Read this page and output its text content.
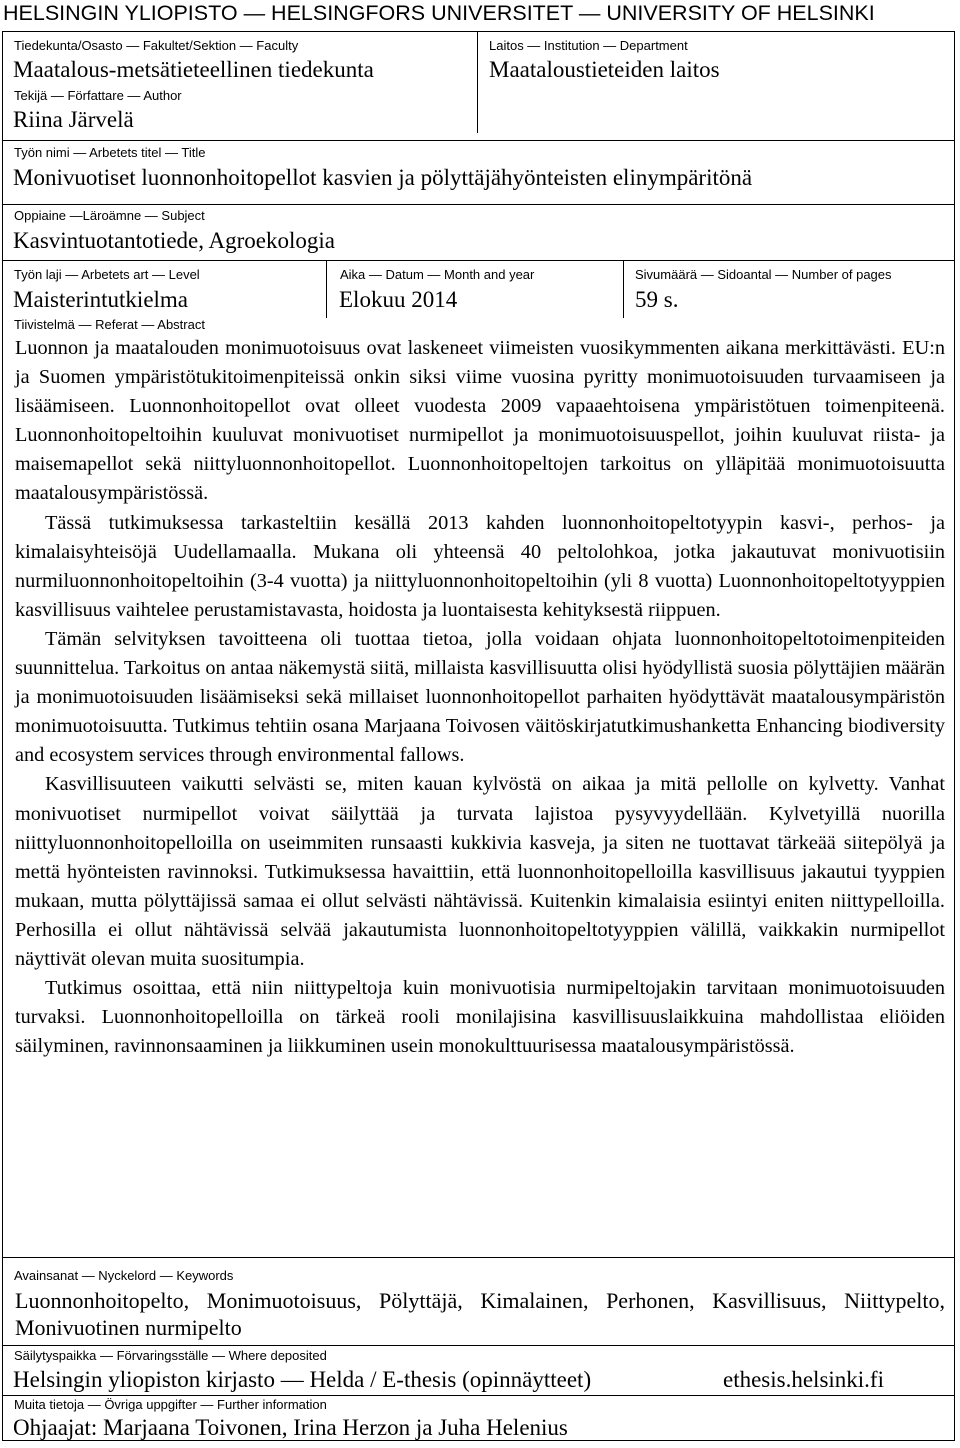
HELSINGIN YLIOPISTO — HELSINGFORS UNIVERSITET — UNIVERSITY OF HELSINKI
Tiedekunta/Osasto — Fakultet/Sektion — Faculty
Maatalous-metsätieteellinen tiedekunta
Laitos — Institution — Department
Maataloustieteiden laitos
Tekijä — Författare — Author
Riina Järvelä
Työn nimi — Arbetets titel — Title
Monivuotiset luonnonhoitopellot kasvien ja pölyttäjähyönteisten elinympäritönä
Oppiaine —Läroämne — Subject
Kasvintuotantotiede, Agroekologia
Työn laji — Arbetets art — Level
Maisterintutkielma
Aika — Datum — Month and year
Elokuu 2014
Sivumäärä — Sidoantal — Number of pages
59 s.
Tiivistelmä — Referat — Abstract

Luonnon ja maatalouden monimuotoisuus ovat laskeneet viimeisten vuosikymmenten aikana merkittävästi. EU:n ja Suomen ympäristötukitoimenpiteissä onkin siksi viime vuosina pyritty monimuotoisuuden turvaamiseen ja lisäämiseen. Luonnonhoitopellot ovat olleet vuodesta 2009 vapaaehtoisena ympäristötuen toimenpiteenä. Luonnonhoitopeltoihin kuuluvat monivuotiset nurmipellot ja monimuotoisuuspellot, joihin kuuluvat riista- ja maisemapellot sekä niittyluonnonhoitopellot. Luonnonhoitopeltojen tarkoitus on ylläpitää monimuotoisuutta maatalousympäristössä.

Tässä tutkimuksessa tarkasteltiin kesällä 2013 kahden luonnonhoitopeltotyypin kasvi-, perhos- ja kimalaisyhteisöjä Uudellamaalla. Mukana oli yhteensä 40 peltolohkoa, jotka jakautuvat monivuotisiin nurmiluonnonhoitopeltoihin (3-4 vuotta) ja niittyluonnonhoitopeltoihin (yli 8 vuotta) Luonnonhoitopeltotyyppien kasvillisuus vaihtelee perustamistavasta, hoidosta ja luontaisesta kehityksestä riippuen.

Tämän selvityksen tavoitteena oli tuottaa tietoa, jolla voidaan ohjata luonnonhoitopeltotoimenpiteiden suunnittelua. Tarkoitus on antaa näkemystä siitä, millaista kasvillisuutta olisi hyödyllistä suosia pölyttäjien määrän ja monimuotoisuuden lisäämiseksi sekä millaiset luonnonhoitopellot parhaiten hyödyttävät maatalousympäristön monimuotoisuutta. Tutkimus tehtiin osana Marjaana Toivosen väitöskirjatutkimushanketta Enhancing biodiversity and ecosystem services through environmental fallows.

Kasvillisuuteen vaikutti selvästi se, miten kauan kylvöstä on aikaa ja mitä pellolle on kylvetty. Vanhat monivuotiset nurmipellot voivat säilyttää ja turvata lajistoa pysyvyydellään. Kylvetyillä nuorilla niittyluonnonhoitopelloilla on useimmiten runsaasti kukkivia kasveja, ja siten ne tuottavat tärkeää siitepölyä ja mettä hyönteisten ravinnoksi. Tutkimuksessa havaittiin, että luonnonhoitopelloilla kasvillisuus jakautui tyyppien mukaan, mutta pölyttäjissä samaa ei ollut selvästi nähtävissä. Kuitenkin kimalaisia esiintyi eniten niittypelloilla. Perhosilla ei ollut nähtävissä selvää jakautumista luonnonhoitopeltotyyppien välillä, vaikkakin nurmipellot näyttivät olevan muita suositumpia.

Tutkimus osoittaa, että niin niittypeltoja kuin monivuotisia nurmipeltojakin tarvitaan monimuotoisuuden turvaksi. Luonnonhoitopelloilla on tärkeä rooli monilajisina kasvillisuuslaikkuina mahdollistaa eliöiden säilyminen, ravinnonsaaminen ja liikkuminen usein monokulttuurisessa maatalousympäristössä.

Avainsanat — Nyckelord — Keywords
Luonnonhoitopelto, Monimuotoisuus, Pölyttäjä, Kimalainen, Perhonen, Kasvillisuus, Niittypelto, Monivuotinen nurmipelto
Säilytyspaikka — Förvaringsställe — Where deposited
Helsingin yliopiston kirjasto — Helda / E-thesis (opinnäytteet)	ethesis.helsinki.fi
Muita tietoja — Övriga uppgifter — Further information
Ohjaajat: Marjaana Toivonen, Irina Herzon ja Juha Helenius
